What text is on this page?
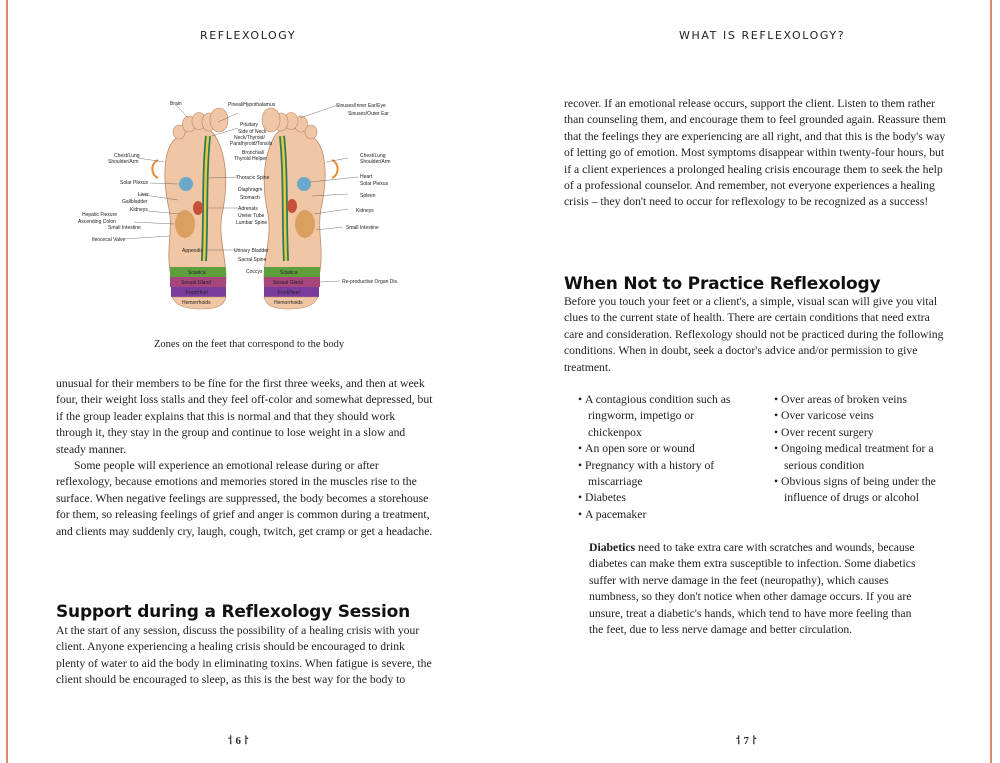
REFLEXOLOGY
Brain
Chest/Lung
Shoulder/Arm
Solar Plexus
Liver
Gallbladder
Kidneys
Hepatic Flexure
Ascending Colon
Small Intestine
Ileocecal Valve
Pineal/Hypothalamus
Pituitary
Side of Neck
Neck/Thyroid/
Parathyroid/Tonsils
Bronchial/
Thyroid Helper
Thoracic Spine
Diaphragm
Stomach
Adrenals
Ureter Tube
Lumbar Spine
Urinary Bladder
Sacral Spine
Coccyx
Sinuses/Inner Ear/Eye
Sinuses/Outer Ear
Chest/Lung
Shoulder/Arm
Heart
Solar Plexus
Spleen
Kidneys
Small Intestine
Re-productive Organ Dis.
Appendix
Sciatica
Sexual Gland
Foot/Heel
Hemorrhoids
Sciatica
Sexual Gland
Foot/Heel
Hemorrhoids
Zones on the feet that correspond to the body

unusual for their members to be fine for the first three weeks, and then at week four, their weight loss stalls and they feel off-color and somewhat depressed, but if the group leader explains that this is normal and that they should work through it, they stay in the group and continue to lose weight in a slow and steady manner.

Some people will experience an emotional release during or after reflexology, because emotions and memories stored in the muscles rise to the surface. When negative feelings are suppressed, the body becomes a storehouse for them, so releasing feelings of grief and anger is common during a treatment, and clients may suddenly cry, laugh, cough, twitch, get cramp or get a headache.

Support during a Reflexology Session

At the start of any session, discuss the possibility of a healing crisis with your client. Anyone experiencing a healing crisis should be encouraged to drink plenty of water to aid the body in eliminating toxins. When fatigue is severe, the client should be encouraged to sleep, as this is the best way for the body to

⸶ 6 ⸷
WHAT IS REFLEXOLOGY?

recover. If an emotional release occurs, support the client. Listen to them rather than counseling them, and encourage them to feel grounded again. Reassure them that the feelings they are experiencing are all right, and that this is the body's way of letting go of emotion. Most symptoms disappear within twenty-four hours, but if a client experiences a prolonged healing crisis encourage them to seek the help of a professional counselor. And remember, not everyone experiences a healing crisis – they don't need to occur for reflexology to be recognized as a success!

When Not to Practice Reflexology

Before you touch your feet or a client's, a simple, visual scan will give you vital clues to the current state of health. There are certain conditions that need extra care and consideration. Reflexology should not be practiced during the following conditions. When in doubt, seek a doctor's advice and/or permission to give treatment.

• A contagious condition such as ringworm, impetigo or chickenpox
• An open sore or wound
• Pregnancy with a history of miscarriage
• Diabetes
• A pacemaker
• Over areas of broken veins
• Over varicose veins
• Over recent surgery
• Ongoing medical treatment for a serious condition
• Obvious signs of being under the influence of drugs or alcohol

Diabetics need to take extra care with scratches and wounds, because diabetes can make them extra susceptible to infection. Some diabetics suffer with nerve damage in the feet (neuropathy), which causes numbness, so they don't notice when other damage occurs. If you are unsure, treat a diabetic's hands, which tend to have more feeling than the feet, due to less nerve damage and better circulation.

⸶ 7 ⸷
